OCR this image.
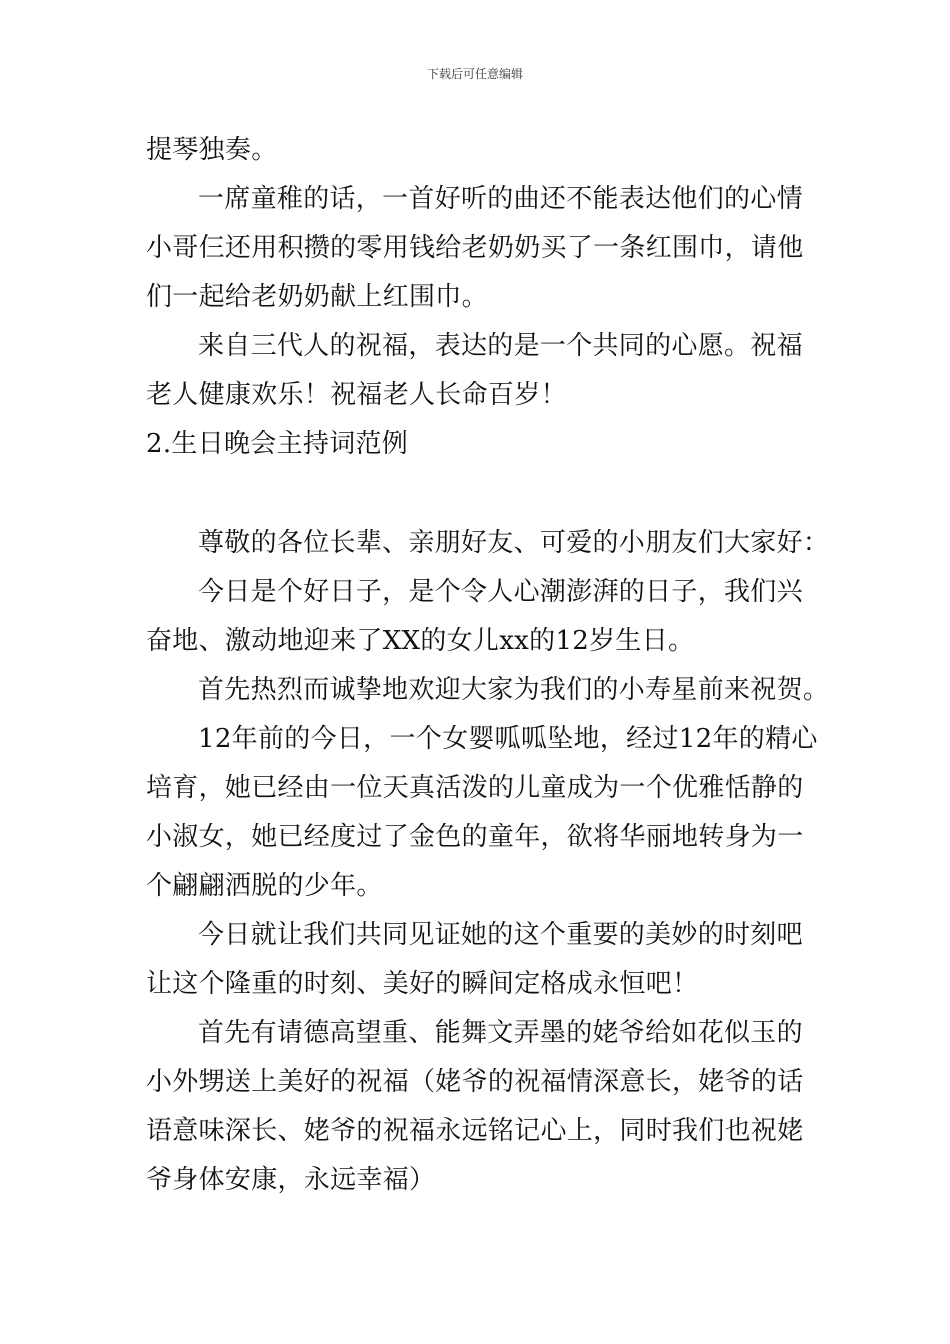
下载后可任意编辑
提琴独奏。
一席童稚的话，一首好听的曲还不能表达他们的心情
小哥仨还用积攒的零用钱给老奶奶买了一条红围巾，请他
们一起给老奶奶献上红围巾。
来自三代人的祝福，表达的是一个共同的心愿。祝福
老人健康欢乐！祝福老人长命百岁！
2.生日晚会主持词范例
尊敬的各位长辈、亲朋好友、可爱的小朋友们大家好：
今日是个好日子，是个令人心潮澎湃的日子，我们兴
奋地、激动地迎来了XX的女儿xx的12岁生日。
首先热烈而诚挚地欢迎大家为我们的小寿星前来祝贺。
12年前的今日，一个女婴呱呱坠地，经过12年的精心
培育，她已经由一位天真活泼的儿童成为一个优雅恬静的
小淑女，她已经度过了金色的童年，欲将华丽地转身为一
个翩翩洒脱的少年。
今日就让我们共同见证她的这个重要的美妙的时刻吧
让这个隆重的时刻、美好的瞬间定格成永恒吧！
首先有请德高望重、能舞文弄墨的姥爷给如花似玉的
小外甥送上美好的祝福（姥爷的祝福情深意长，姥爷的话
语意味深长、姥爷的祝福永远铭记心上，同时我们也祝姥
爷身体安康，永远幸福）
